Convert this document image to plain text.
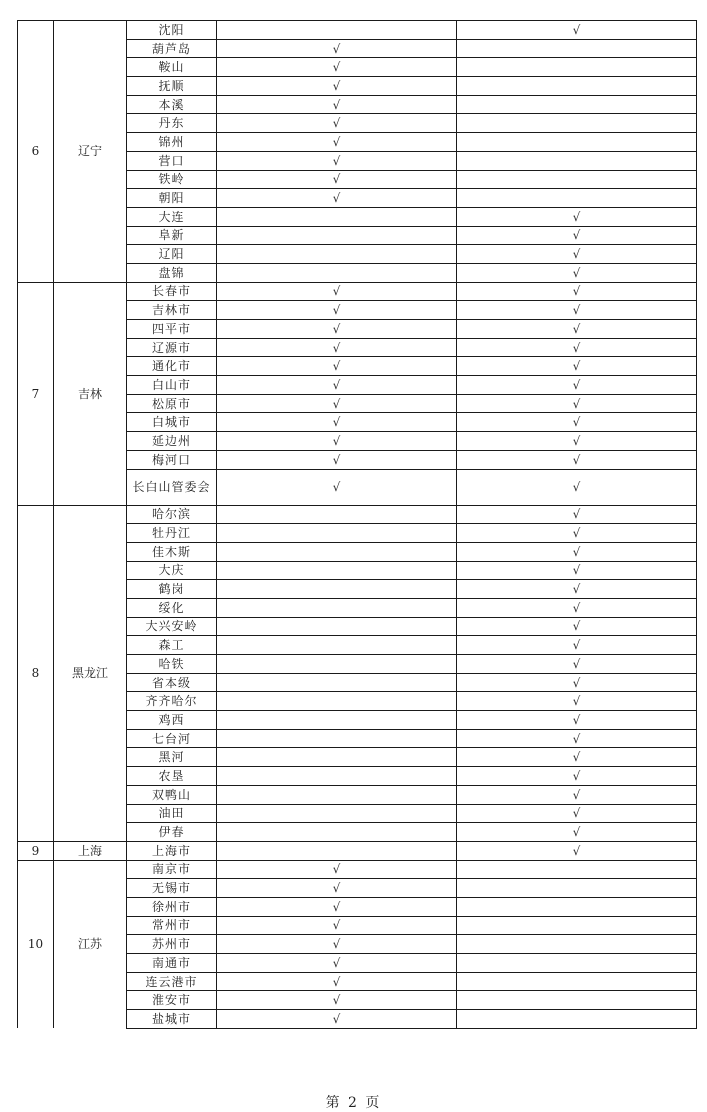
6	辽宁	沈阳		√
		葫芦岛	√	
		鞍山	√	
		抚顺	√	
		本溪	√	
		丹东	√	
		锦州	√	
		营口	√	
		铁岭	√	
		朝阳	√	
		大连		√
		阜新		√
		辽阳		√
		盘锦		√
7	吉林	长春市	√	√
		吉林市	√	√
		四平市	√	√
		辽源市	√	√
		通化市	√	√
		白山市	√	√
		松原市	√	√
		白城市	√	√
		延边州	√	√
		梅河口	√	√
		长白山管委会	√	√
8	黑龙江	哈尔滨		√
		牡丹江		√
		佳木斯		√
		大庆		√
		鹤岗		√
		绥化		√
		大兴安岭		√
		森工		√
		哈铁		√
		省本级		√
		齐齐哈尔		√
		鸡西		√
		七台河		√
		黑河		√
		农垦		√
		双鸭山		√
		油田		√
		伊春		√
9	上海	上海市		√
10	江苏	南京市	√	
		无锡市	√	
		徐州市	√	
		常州市	√	
		苏州市	√	
		南通市	√	
		连云港市	√	
		淮安市	√	
		盐城市	√	
第 2 页
